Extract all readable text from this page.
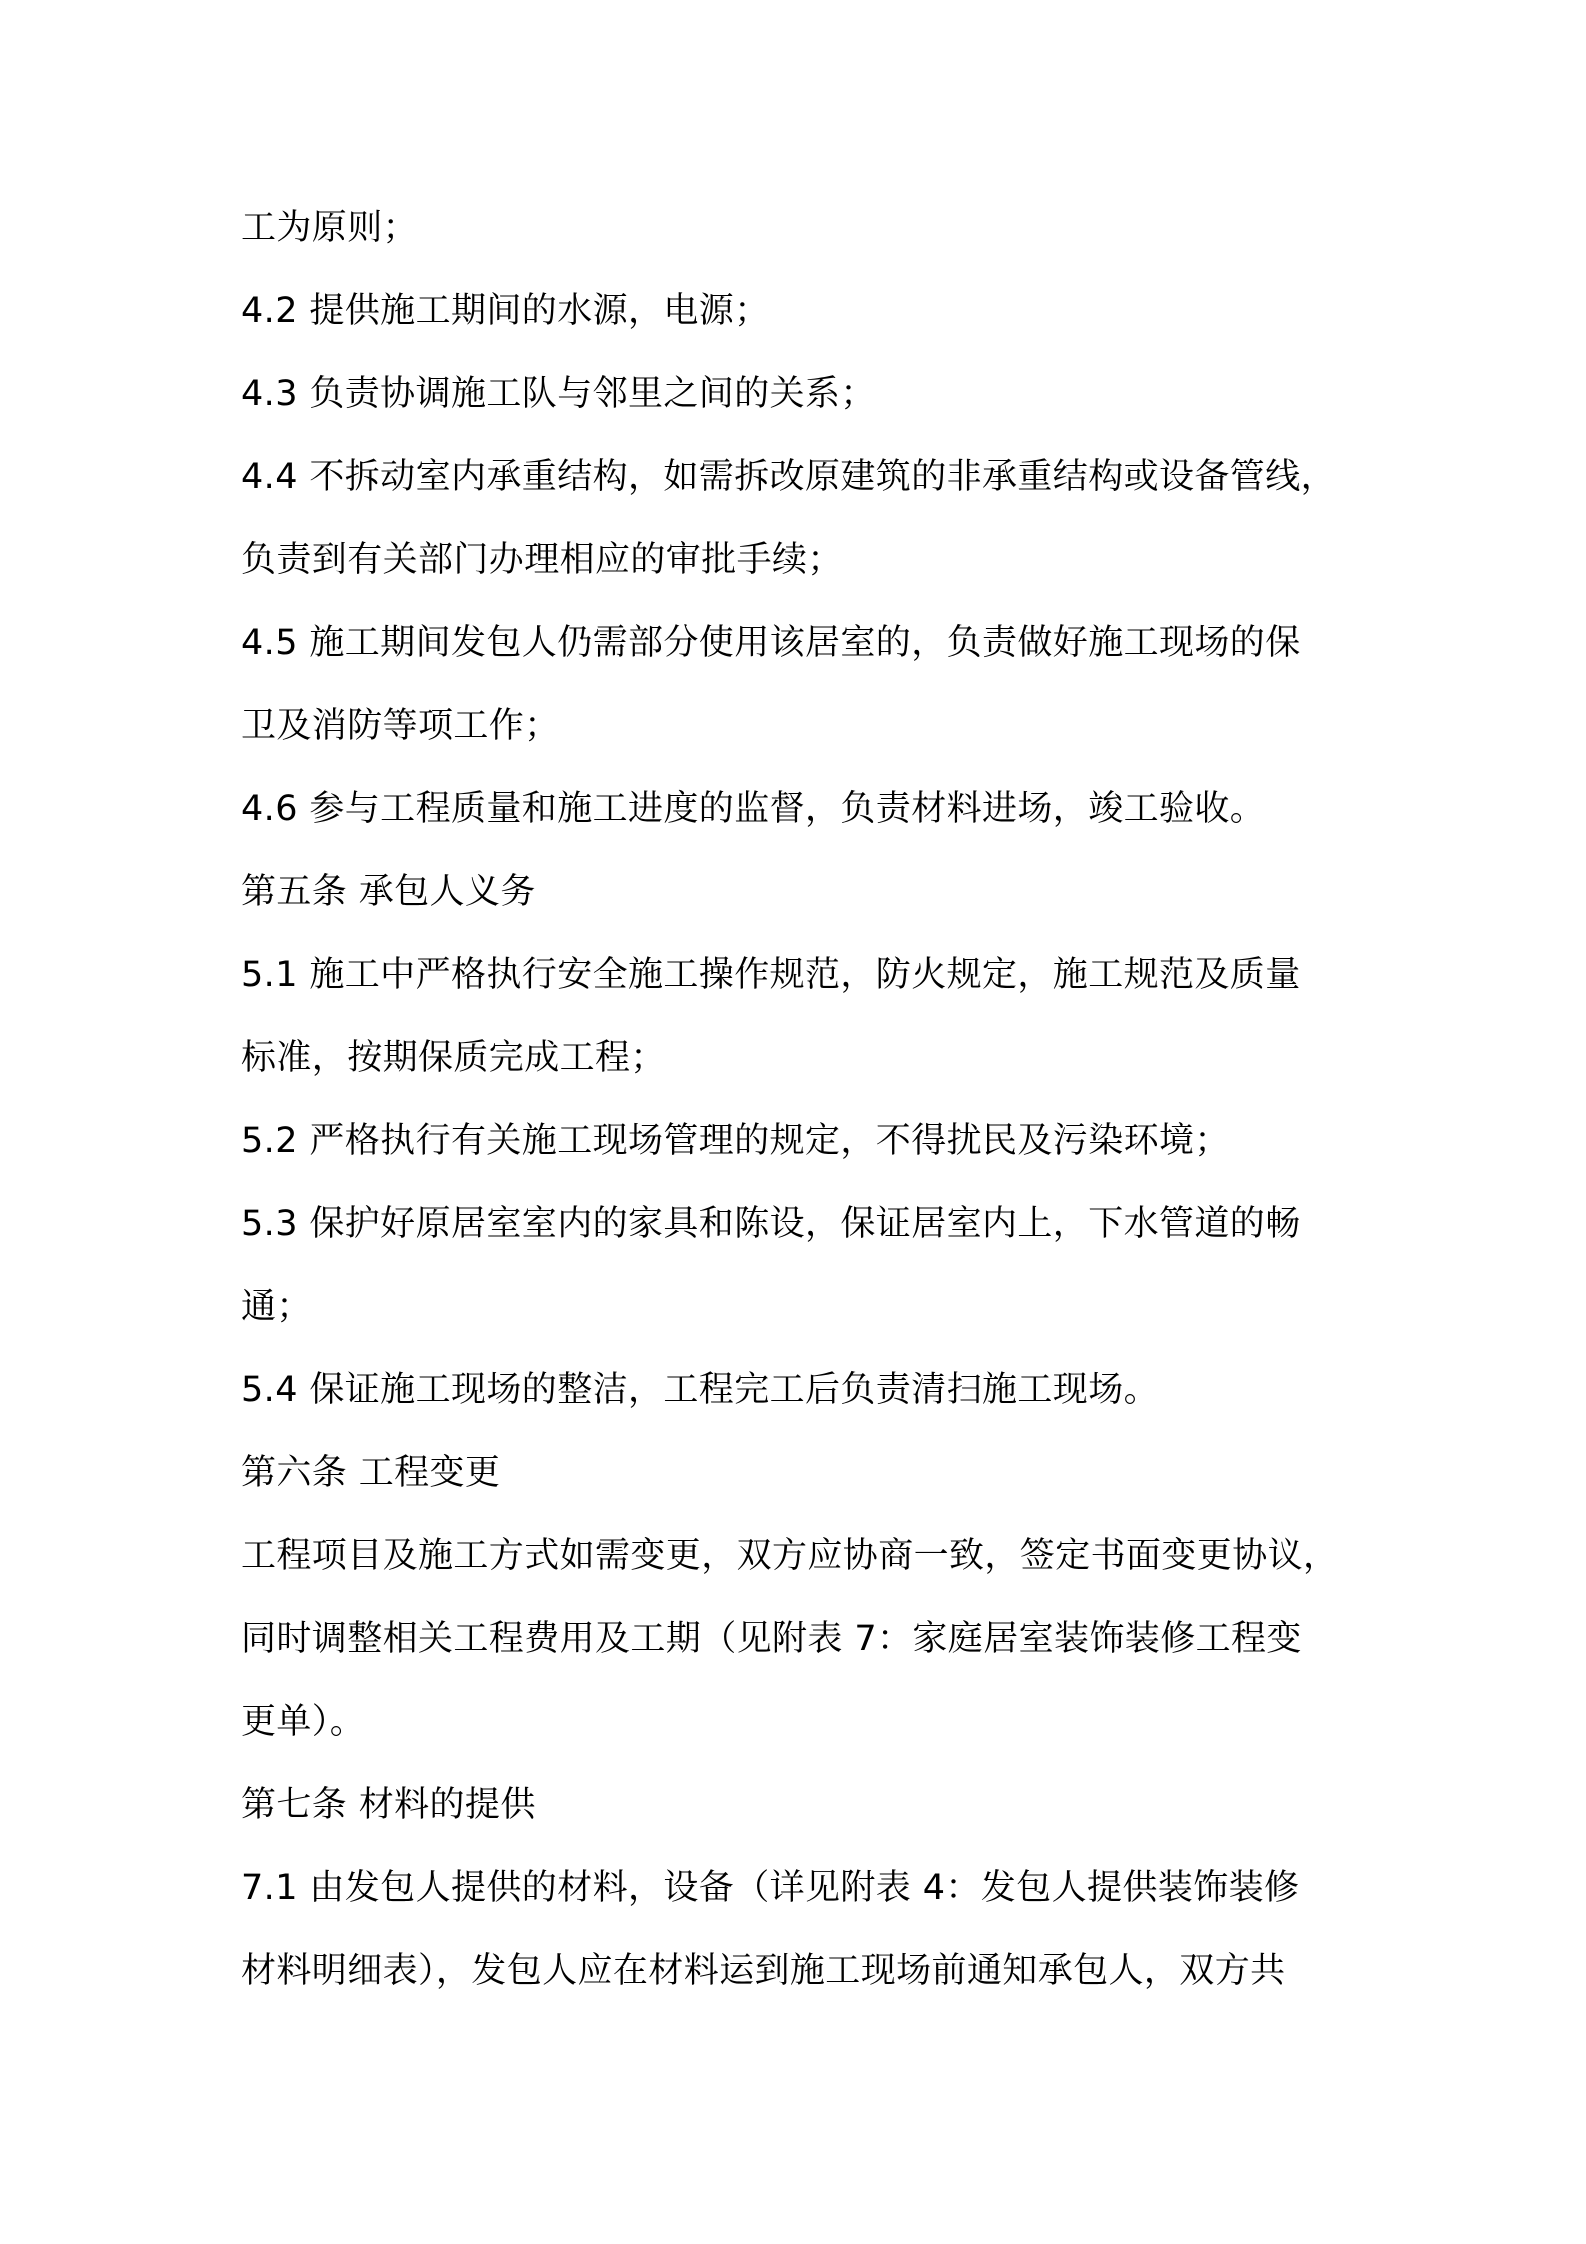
工为原则；
4.2 提供施工期间的水源，电源；
4.3 负责协调施工队与邻里之间的关系；
4.4 不拆动室内承重结构，如需拆改原建筑的非承重结构或设备管线，
负责到有关部门办理相应的审批手续；
4.5 施工期间发包人仍需部分使用该居室的，负责做好施工现场的保
卫及消防等项工作；
4.6 参与工程质量和施工进度的监督，负责材料进场，竣工验收。
第五条 承包人义务
5.1 施工中严格执行安全施工操作规范，防火规定，施工规范及质量
标准，按期保质完成工程；
5.2 严格执行有关施工现场管理的规定，不得扰民及污染环境；
5.3 保护好原居室室内的家具和陈设，保证居室内上，下水管道的畅
通；
5.4 保证施工现场的整洁，工程完工后负责清扫施工现场。
第六条 工程变更
工程项目及施工方式如需变更，双方应协商一致，签定书面变更协议，
同时调整相关工程费用及工期（见附表 7：家庭居室装饰装修工程变
更单）。
第七条 材料的提供
7.1 由发包人提供的材料，设备（详见附表 4：发包人提供装饰装修
材料明细表），发包人应在材料运到施工现场前通知承包人，双方共
